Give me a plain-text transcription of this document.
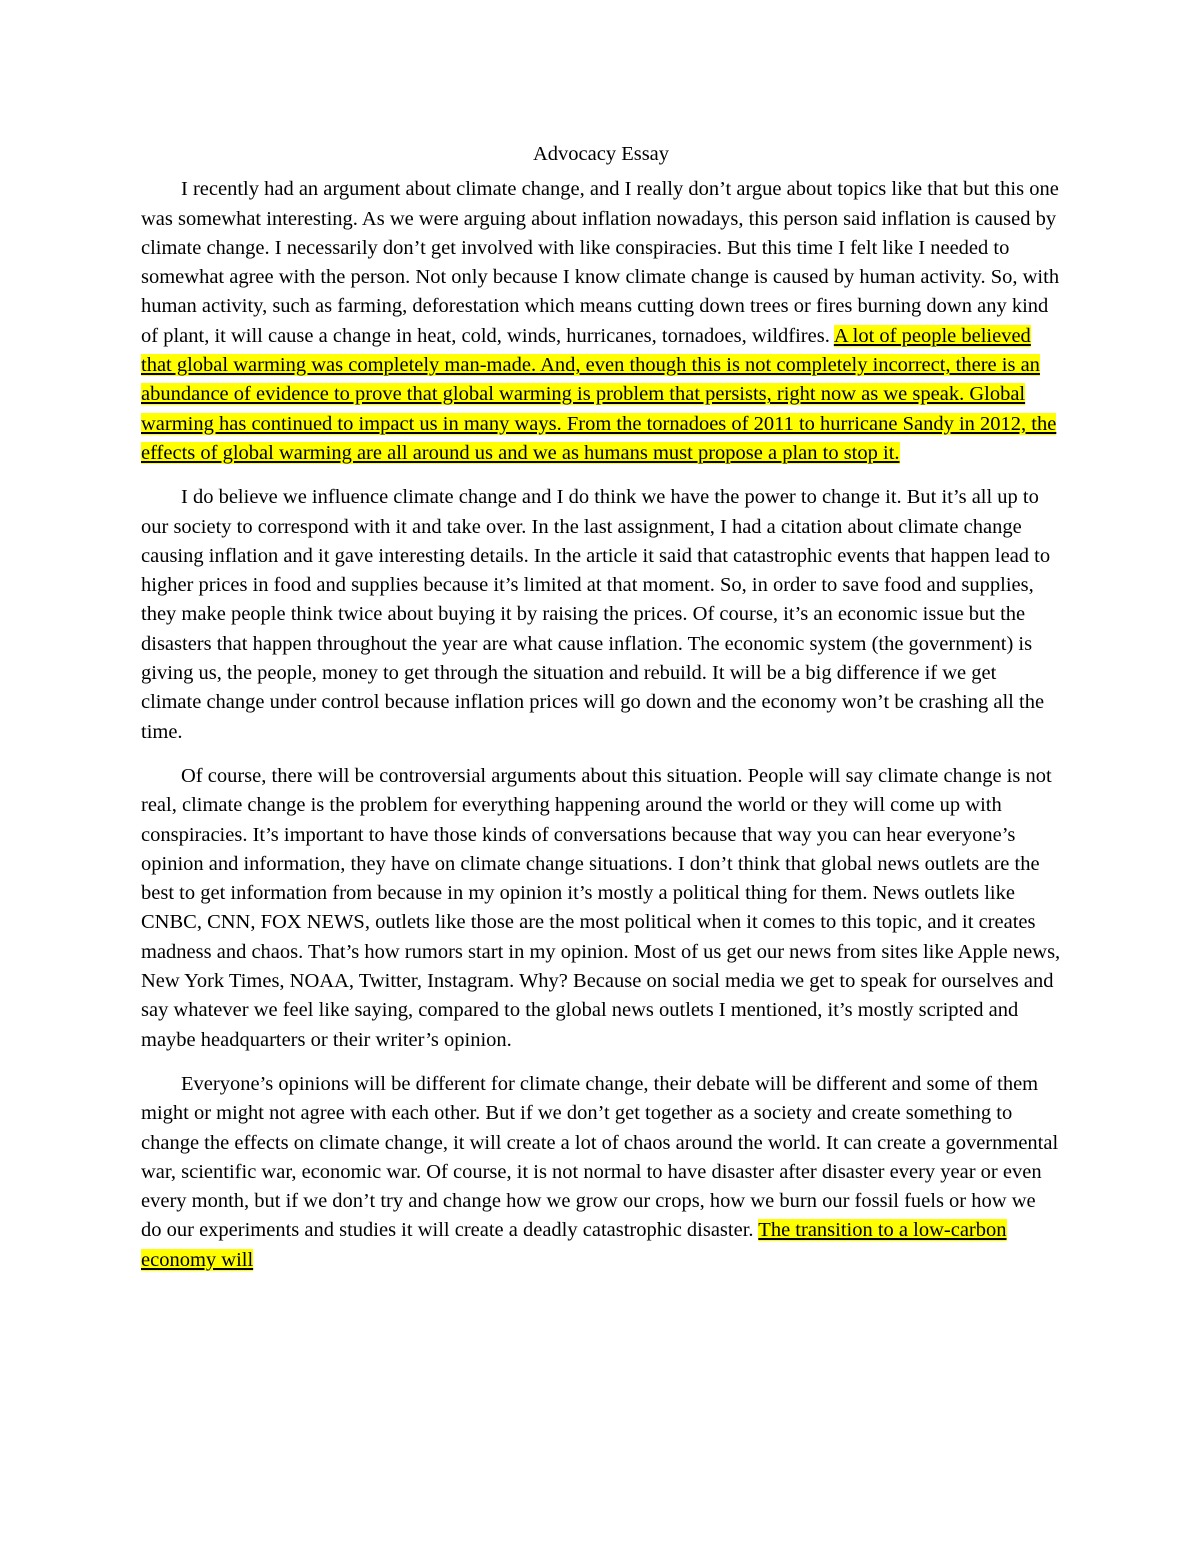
Advocacy Essay

I recently had an argument about climate change, and I really don’t argue about topics like that but this one was somewhat interesting. As we were arguing about inflation nowadays, this person said inflation is caused by climate change. I necessarily don’t get involved with like conspiracies. But this time I felt like I needed to somewhat agree with the person. Not only because I know climate change is caused by human activity. So, with human activity, such as farming, deforestation which means cutting down trees or fires burning down any kind of plant, it will cause a change in heat, cold, winds, hurricanes, tornadoes, wildfires. A lot of people believed that global warming was completely man-made. And, even though this is not completely incorrect, there is an abundance of evidence to prove that global warming is problem that persists, right now as we speak. Global warming has continued to impact us in many ways. From the tornadoes of 2011 to hurricane Sandy in 2012, the effects of global warming are all around us and we as humans must propose a plan to stop it.

I do believe we influence climate change and I do think we have the power to change it. But it’s all up to our society to correspond with it and take over. In the last assignment, I had a citation about climate change causing inflation and it gave interesting details. In the article it said that catastrophic events that happen lead to higher prices in food and supplies because it’s limited at that moment. So, in order to save food and supplies, they make people think twice about buying it by raising the prices. Of course, it’s an economic issue but the disasters that happen throughout the year are what cause inflation. The economic system (the government) is giving us, the people, money to get through the situation and rebuild. It will be a big difference if we get climate change under control because inflation prices will go down and the economy won’t be crashing all the time.

Of course, there will be controversial arguments about this situation. People will say climate change is not real, climate change is the problem for everything happening around the world or they will come up with conspiracies. It’s important to have those kinds of conversations because that way you can hear everyone’s opinion and information, they have on climate change situations. I don’t think that global news outlets are the best to get information from because in my opinion it’s mostly a political thing for them. News outlets like CNBC, CNN, FOX NEWS, outlets like those are the most political when it comes to this topic, and it creates madness and chaos. That’s how rumors start in my opinion. Most of us get our news from sites like Apple news, New York Times, NOAA, Twitter, Instagram. Why? Because on social media we get to speak for ourselves and say whatever we feel like saying, compared to the global news outlets I mentioned, it’s mostly scripted and maybe headquarters or their writer’s opinion.

Everyone’s opinions will be different for climate change, their debate will be different and some of them might or might not agree with each other. But if we don’t get together as a society and create something to change the effects on climate change, it will create a lot of chaos around the world. It can create a governmental war, scientific war, economic war. Of course, it is not normal to have disaster after disaster every year or even every month, but if we don’t try and change how we grow our crops, how we burn our fossil fuels or how we do our experiments and studies it will create a deadly catastrophic disaster. The transition to a low-carbon economy will
